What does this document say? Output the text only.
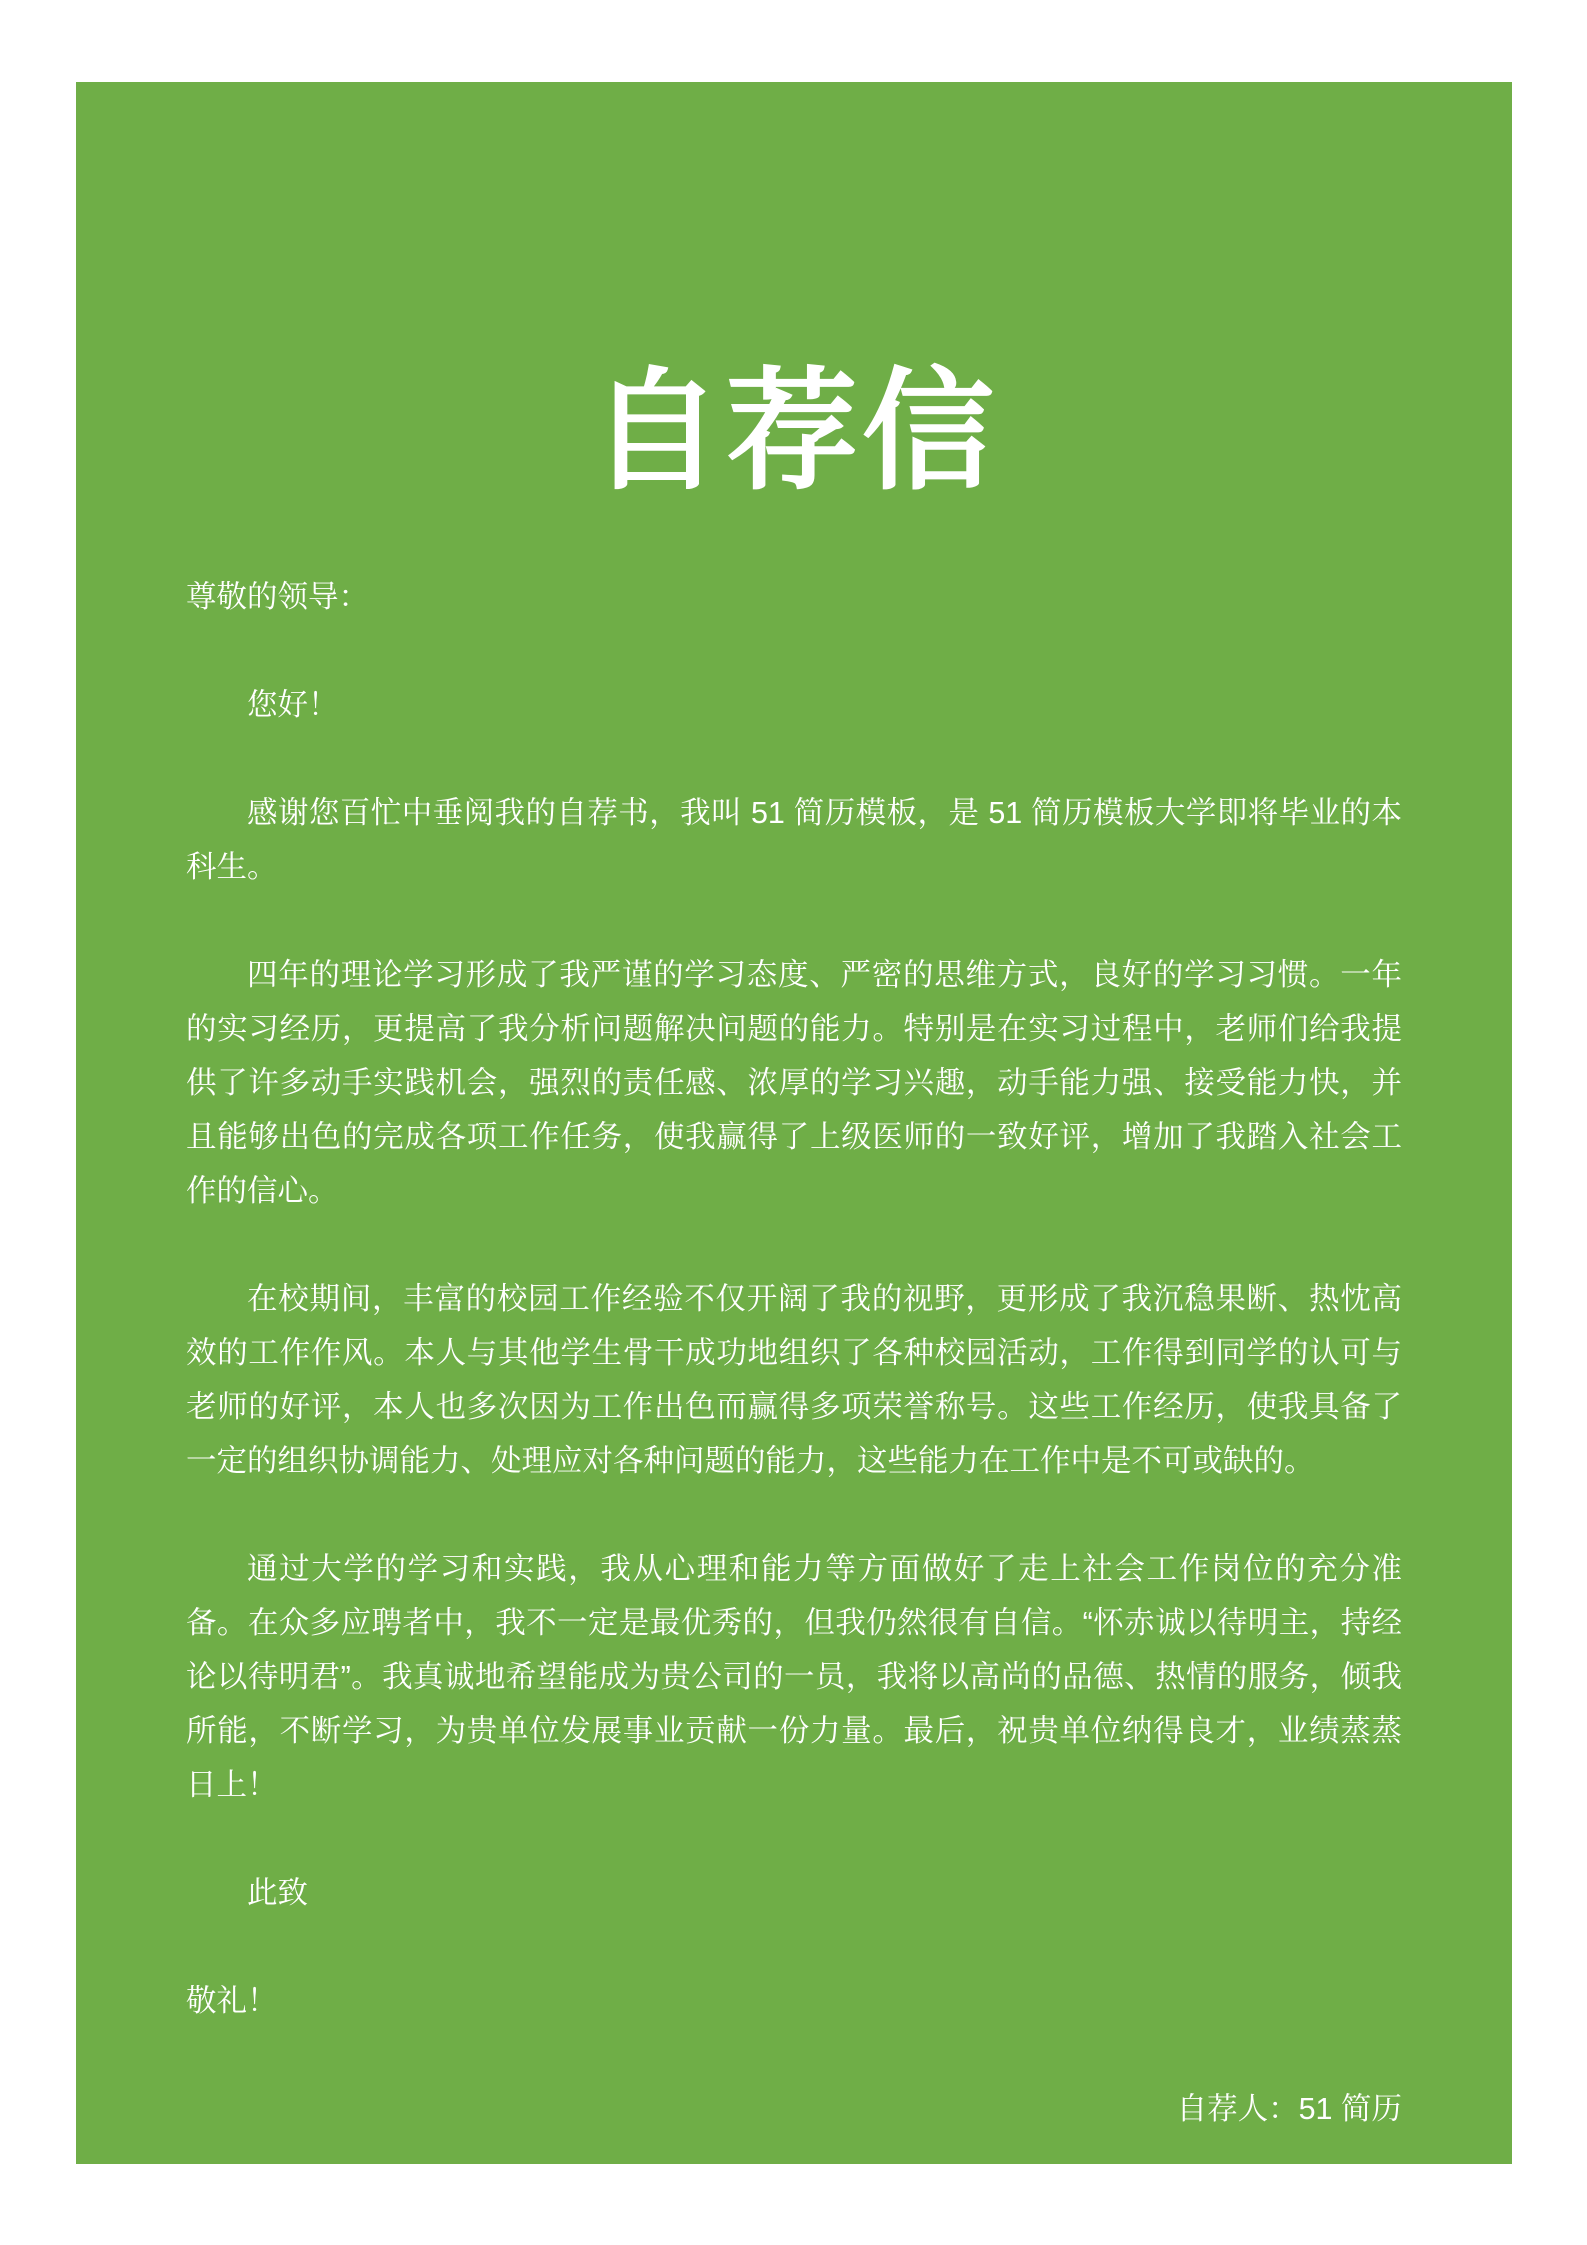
自荐信

尊敬的领导：

您好！

感谢您百忙中垂阅我的自荐书，我叫 51 简历模板，是 51 简历模板大学即将毕业的本科生。

四年的理论学习形成了我严谨的学习态度、严密的思维方式，良好的学习习惯。一年的实习经历，更提高了我分析问题解决问题的能力。特别是在实习过程中，老师们给我提供了许多动手实践机会，强烈的责任感、浓厚的学习兴趣，动手能力强、接受能力快，并且能够出色的完成各项工作任务，使我赢得了上级医师的一致好评，增加了我踏入社会工作的信心。

在校期间，丰富的校园工作经验不仅开阔了我的视野，更形成了我沉稳果断、热忱高效的工作作风。本人与其他学生骨干成功地组织了各种校园活动，工作得到同学的认可与老师的好评，本人也多次因为工作出色而赢得多项荣誉称号。这些工作经历，使我具备了一定的组织协调能力、处理应对各种问题的能力，这些能力在工作中是不可或缺的。

通过大学的学习和实践，我从心理和能力等方面做好了走上社会工作岗位的充分准备。在众多应聘者中，我不一定是最优秀的，但我仍然很有自信。“怀赤诚以待明主，持经论以待明君”。我真诚地希望能成为贵公司的一员，我将以高尚的品德、热情的服务，倾我所能，不断学习，为贵单位发展事业贡献一份力量。最后，祝贵单位纳得良才，业绩蒸蒸日上！

此致

敬礼！

自荐人：51 简历
